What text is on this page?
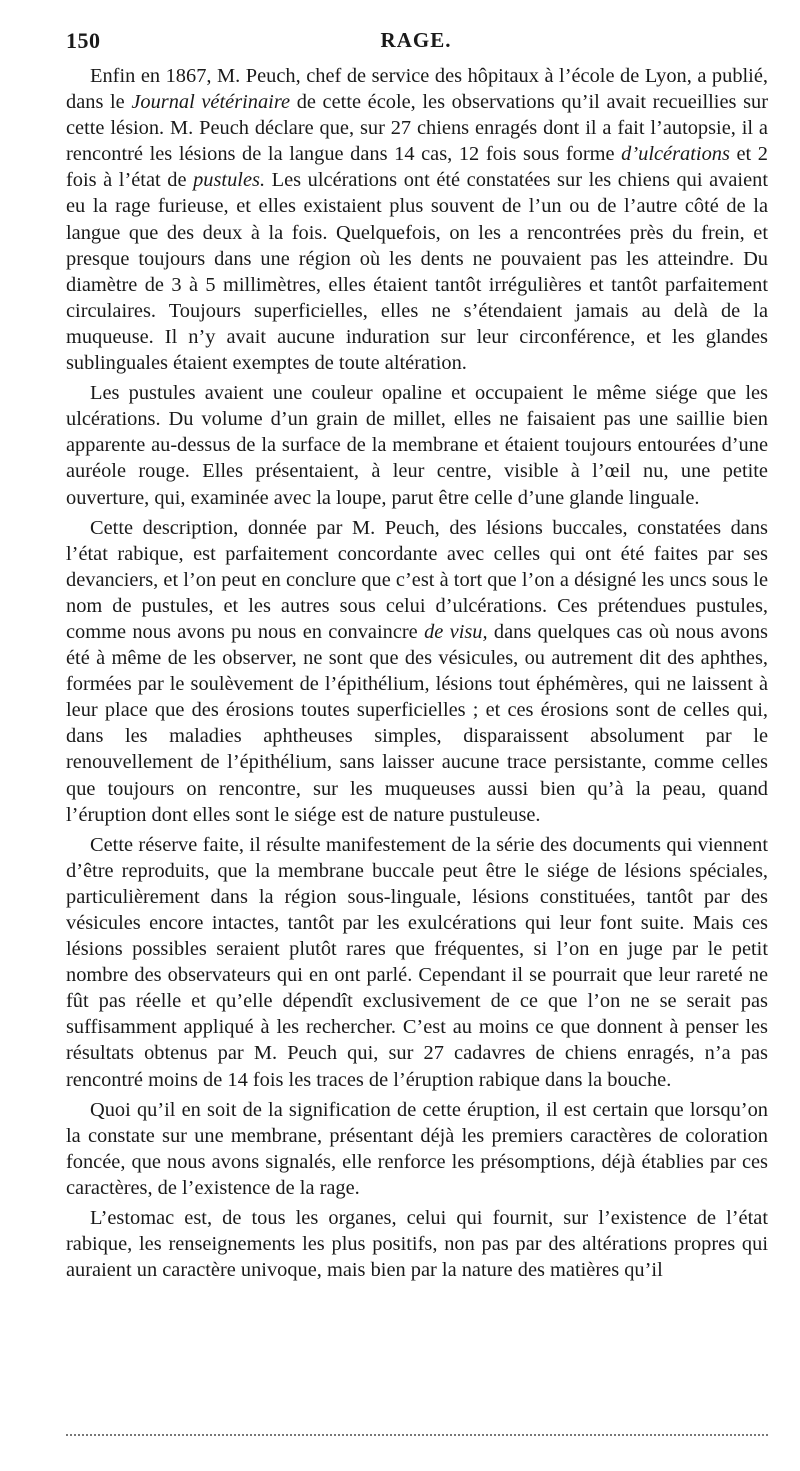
150	RAGE.

Enfin en 1867, M. Peuch, chef de service des hôpitaux à l’école de Lyon, a publié, dans le Journal vétérinaire de cette école, les observations qu’il avait recueillies sur cette lésion. M. Peuch déclare que, sur 27 chiens enragés dont il a fait l’autopsie, il a rencontré les lésions de la langue dans 14 cas, 12 fois sous forme d’ulcérations et 2 fois à l’état de pustules. Les ulcérations ont été constatées sur les chiens qui avaient eu la rage furieuse, et elles existaient plus souvent de l’un ou de l’autre côté de la langue que des deux à la fois. Quelquefois, on les a rencontrées près du frein, et presque toujours dans une région où les dents ne pouvaient pas les atteindre. Du diamètre de 3 à 5 millimètres, elles étaient tantôt irrégulières et tantôt parfaitement circulaires. Toujours superficielles, elles ne s’étendaient jamais au delà de la muqueuse. Il n’y avait aucune induration sur leur circonférence, et les glandes sublinguales étaient exemptes de toute altération.

Les pustules avaient une couleur opaline et occupaient le même siége que les ulcérations. Du volume d’un grain de millet, elles ne faisaient pas une saillie bien apparente au-dessus de la surface de la membrane et étaient toujours entourées d’une auréole rouge. Elles présentaient, à leur centre, visible à l’œil nu, une petite ouverture, qui, examinée avec la loupe, parut être celle d’une glande linguale.

Cette description, donnée par M. Peuch, des lésions buccales, constatées dans l’état rabique, est parfaitement concordante avec celles qui ont été faites par ses devanciers, et l’on peut en conclure que c’est à tort que l’on a désigné les uncs sous le nom de pustules, et les autres sous celui d’ulcérations. Ces prétendues pustules, comme nous avons pu nous en convaincre de visu, dans quelques cas où nous avons été à même de les observer, ne sont que des vésicules, ou autrement dit des aphthes, formées par le soulèvement de l’épithélium, lésions tout éphémères, qui ne laissent à leur place que des érosions toutes superficielles ; et ces érosions sont de celles qui, dans les maladies aphtheuses simples, disparaissent absolument par le renouvellement de l’épithélium, sans laisser aucune trace persistante, comme celles que toujours on rencontre, sur les muqueuses aussi bien qu’à la peau, quand l’éruption dont elles sont le siége est de nature pustuleuse.

Cette réserve faite, il résulte manifestement de la série des documents qui viennent d’être reproduits, que la membrane buccale peut être le siége de lésions spéciales, particulièrement dans la région sous-linguale, lésions constituées, tantôt par des vésicules encore intactes, tantôt par les exulcérations qui leur font suite. Mais ces lésions possibles seraient plutôt rares que fréquentes, si l’on en juge par le petit nombre des observateurs qui en ont parlé. Cependant il se pourrait que leur rareté ne fût pas réelle et qu’elle dépendît exclusivement de ce que l’on ne se serait pas suffisamment appliqué à les rechercher. C’est au moins ce que donnent à penser les résultats obtenus par M. Peuch qui, sur 27 cadavres de chiens enragés, n’a pas rencontré moins de 14 fois les traces de l’éruption rabique dans la bouche.

Quoi qu’il en soit de la signification de cette éruption, il est certain que lorsqu’on la constate sur une membrane, présentant déjà les premiers caractères de coloration foncée, que nous avons signalés, elle renforce les présomptions, déjà établies par ces caractères, de l’existence de la rage.

L’estomac est, de tous les organes, celui qui fournit, sur l’existence de l’état rabique, les renseignements les plus positifs, non pas par des altérations propres qui auraient un caractère univoque, mais bien par la nature des matières qu’il
